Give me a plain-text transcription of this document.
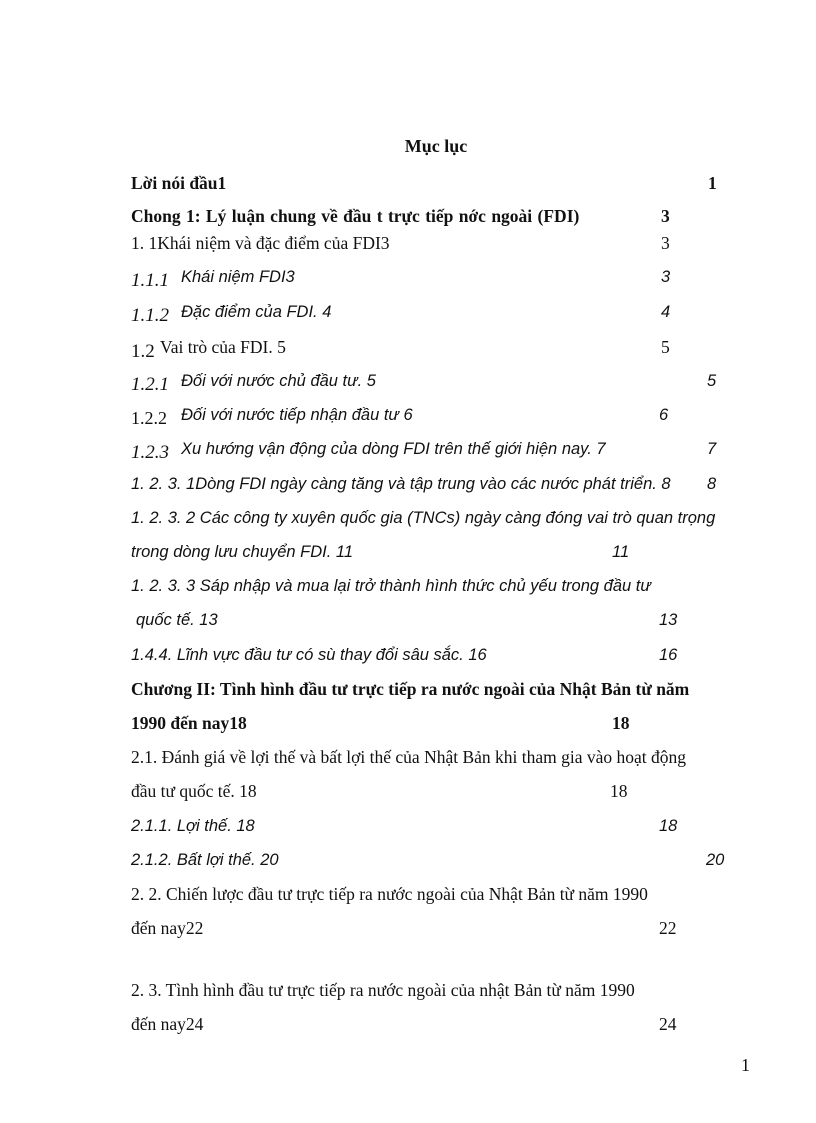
Mục lục
Lời nói đầu1	1
Chong 1: Lý luận chung về đầu t trực tiếp nớc ngoài (FDI)	3
1. 1Khái niệm và đặc điểm của FDI3	3
1.1.1 Khái niệm FDI3	3
1.1.2 Đặc điểm của FDI. 4	4
1.2 Vai trò của FDI. 5	5
1.2.1 Đối với nước chủ đầu tư. 5	5
1.2.2 Đối với nước tiếp nhận đầu tư 6	6
1.2.3 Xu hướng vận động của dòng FDI trên thế giới hiện nay. 7	7
1. 2. 3. 1Dòng FDI ngày càng tăng và tập trung vào các nước phát triển. 8 8
1. 2. 3. 2 Các công ty xuyên quốc gia (TNCs) ngày càng đóng vai trò quan trọng
trong dòng lưu chuyển FDI. 11	11
1. 2. 3. 3 Sáp nhập và mua lại trở thành hình thức chủ yếu trong đầu tư
quốc tế. 13	13
1.4.4. Lĩnh vực đầu tư có sù thay đổi sâu sắc. 16	16
Chương II: Tình hình đầu tư trực tiếp ra nước ngoài của Nhật Bản từ năm
1990 đến nay18	18
2.1. Đánh giá về lợi thế và bất lợi thế của Nhật Bản khi tham gia vào hoạt động
đầu tư quốc tế. 18	18
2.1.1. Lợi thế. 18	18
2.1.2. Bất lợi thế. 20	20
2. 2. Chiến lược đầu tư trực tiếp ra nước ngoài của Nhật Bản từ năm 1990
đến nay22	22
2. 3. Tình hình đầu tư trực tiếp ra nước ngoài của nhật Bản từ năm 1990
đến nay24	24
1
